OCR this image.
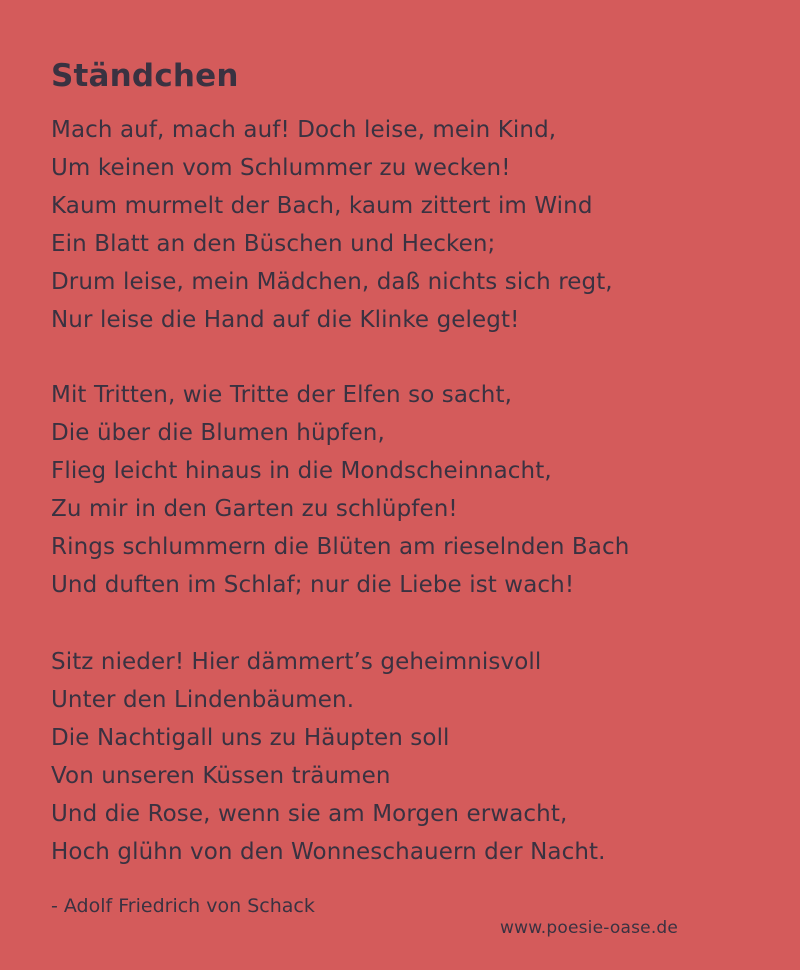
Ständchen
Mach auf, mach auf! Doch leise, mein Kind,
Um keinen vom Schlummer zu wecken!
Kaum murmelt der Bach, kaum zittert im Wind
Ein Blatt an den Büschen und Hecken;
Drum leise, mein Mädchen, daß nichts sich regt,
Nur leise die Hand auf die Klinke gelegt!
Mit Tritten, wie Tritte der Elfen so sacht,
Die über die Blumen hüpfen,
Flieg leicht hinaus in die Mondscheinnacht,
Zu mir in den Garten zu schlüpfen!
Rings schlummern die Blüten am rieselnden Bach
Und duften im Schlaf; nur die Liebe ist wach!
Sitz nieder! Hier dämmert’s geheimnisvoll
Unter den Lindenbäumen.
Die Nachtigall uns zu Häupten soll
Von unseren Küssen träumen
Und die Rose, wenn sie am Morgen erwacht,
Hoch glühn von den Wonneschauern der Nacht.

- Adolf Friedrich von Schack

www.poesie-oase.de
